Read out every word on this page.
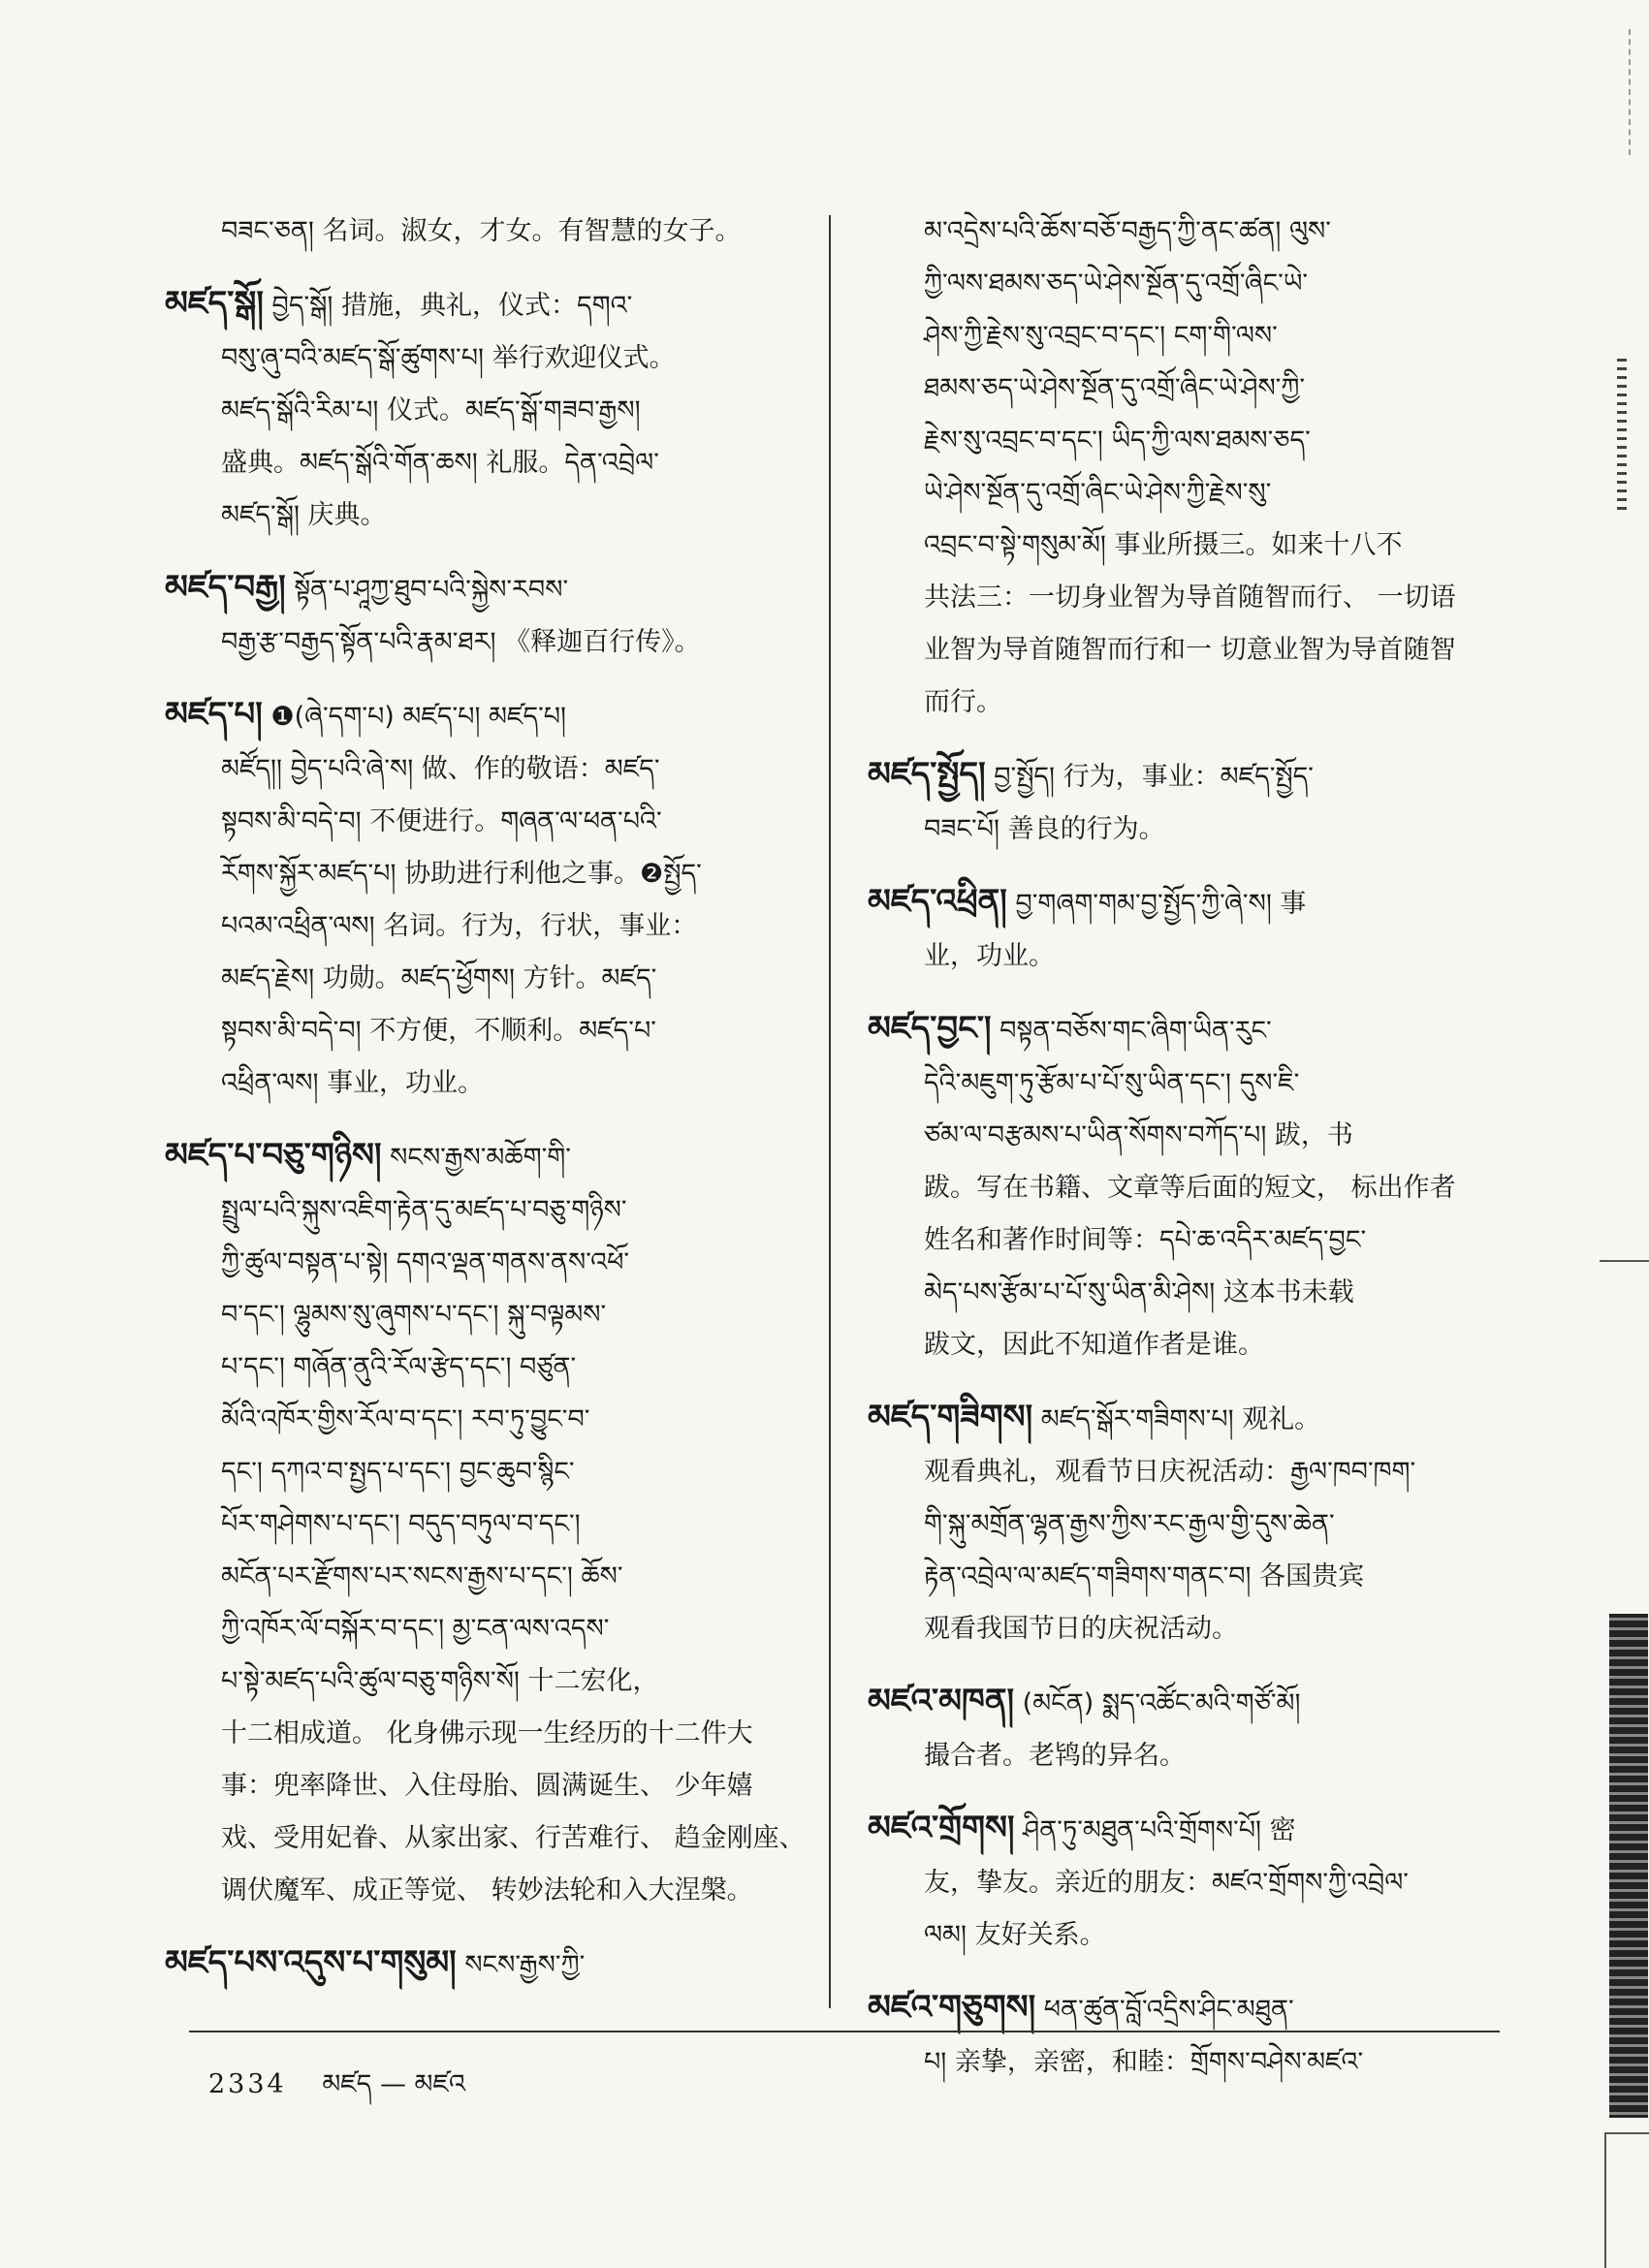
བཟང་ཅན། 名词。淑女，才女。有智慧的女子。
མཛད་སྒོ། བྱེད་སྒོ། 措施，典礼，仪式：དགའ་
བསུ་ཞུ་བའི་མཛད་སྒོ་ཚུགས་པ། 举行欢迎仪式。
མཛད་སྒོའི་རིམ་པ། 仪式。མཛད་སྒོ་གཟབ་རྒྱས།
盛典。མཛད་སྒོའི་གོན་ཆས། 礼服。དེན་འབྲེལ་
མཛད་སྒོ། 庆典。
མཛད་བརྒྱ། སྟོན་པ་ཤཱཀྱ་ཐུབ་པའི་སྐྱེས་རབས་
བརྒྱ་རྩ་བརྒྱད་སྟོན་པའི་རྣམ་ཐར། 《释迦百行传》。
མཛད་པ། ❶(ཞེ་དག་པ) མཛད་པ། མཛད་པ།
མཛོད།། བྱེད་པའི་ཞེ་ས། 做、作的敬语：མཛད་
སྟབས་མི་བདེ་བ། 不便进行。གཞན་ལ་ཕན་པའི་
རོགས་སྐྱོར་མཛད་པ། 协助进行利他之事。❷སྤྱོད་
པའམ་འཕྲིན་ལས། 名词。行为，行状，事业：
མཛད་རྗེས། 功勋。མཛད་ཕྱོགས། 方针。མཛད་
སྟབས་མི་བདེ་བ། 不方便，不顺利。མཛད་པ་
འཕྲིན་ལས། 事业，功业。
མཛད་པ་བཅུ་གཉིས། སངས་རྒྱས་མཆོག་གི་
སྤྲུལ་པའི་སྐུས་འཇིག་རྟེན་དུ་མཛད་པ་བཅུ་གཉིས་
ཀྱི་ཚུལ་བསྟན་པ་སྟེ། དགའ་ལྡན་གནས་ནས་འཕོ་
བ་དང་། ལྷུམས་སུ་ཞུགས་པ་དང་། སྐུ་བལྟམས་
པ་དང་། གཞོན་ནུའི་རོལ་རྩེད་དང་། བཙུན་
མོའི་འཁོར་གྱིས་རོལ་བ་དང་། རབ་ཏུ་བྱུང་བ་
དང་། དཀའ་བ་སྤྱད་པ་དང་། བྱང་ཆུབ་སྙིང་
པོར་གཤེགས་པ་དང་། བདུད་བཏུལ་བ་དང་།
མངོན་པར་རྫོགས་པར་སངས་རྒྱས་པ་དང་། ཆོས་
ཀྱི་འཁོར་ལོ་བསྐོར་བ་དང་། མྱ་ངན་ལས་འདས་
པ་སྟེ་མཛད་པའི་ཚུལ་བཅུ་གཉིས་སོ། 十二宏化，
十二相成道。 化身佛示现一生经历的十二件大
事：兜率降世、入住母胎、圆满诞生、 少年嬉
戏、受用妃眷、从家出家、行苦难行、 趋金刚座、
调伏魔军、成正等觉、 转妙法轮和入大涅槃。
མཛད་པས་འདུས་པ་གསུམ། སངས་རྒྱས་ཀྱི་
མ་འདྲེས་པའི་ཆོས་བཅོ་བརྒྱད་ཀྱི་ནང་ཚན། ལུས་
ཀྱི་ལས་ཐམས་ཅད་ཡེ་ཤེས་སྔོན་དུ་འགྲོ་ཞིང་ཡེ་
ཤེས་ཀྱི་རྗེས་སུ་འབྲང་བ་དང་། ངག་གི་ལས་
ཐམས་ཅད་ཡེ་ཤེས་སྔོན་དུ་འགྲོ་ཞིང་ཡེ་ཤེས་ཀྱི་
རྗེས་སུ་འབྲང་བ་དང་། ཡིད་ཀྱི་ལས་ཐམས་ཅད་
ཡེ་ཤེས་སྔོན་དུ་འགྲོ་ཞིང་ཡེ་ཤེས་ཀྱི་རྗེས་སུ་
འབྲང་བ་སྟེ་གསུམ་མོ། 事业所摄三。如来十八不
共法三：一切身业智为导首随智而行、 一切语
业智为导首随智而行和一 切意业智为导首随智
而行。
མཛད་སྤྱོད། བྱ་སྤྱོད། 行为，事业：མཛད་སྤྱོད་
བཟང་པོ། 善良的行为。
མཛད་འཕྲིན། བྱ་གཞག་གམ་བྱ་སྤྱོད་ཀྱི་ཞེ་ས། 事
业，功业。
མཛད་བྱང་། བསྟན་བཅོས་གང་ཞིག་ཡིན་རུང་
དེའི་མཇུག་ཏུ་རྩོམ་པ་པོ་སུ་ཡིན་དང་། དུས་ཇི་
ཙམ་ལ་བརྩམས་པ་ཡིན་སོགས་བཀོད་པ། 跋，书
跋。写在书籍、文章等后面的短文， 标出作者
姓名和著作时间等：དཔེ་ཆ་འདིར་མཛད་བྱང་
མེད་པས་རྩོམ་པ་པོ་སུ་ཡིན་མི་ཤེས། 这本书未载
跋文，因此不知道作者是谁。
མཛད་གཟིགས། མཛད་སྒོར་གཟིགས་པ། 观礼。
观看典礼，观看节日庆祝活动：རྒྱལ་ཁབ་ཁག་
གི་སྐུ་མགྲོན་ལྷན་རྒྱས་ཀྱིས་རང་རྒྱལ་གྱི་དུས་ཆེན་
རྟེན་འབྲེལ་ལ་མཛད་གཟིགས་གནང་བ། 各国贵宾
观看我国节日的庆祝活动。
མཛའ་མཁན། (མངོན) སྨད་འཚོང་མའི་གཙོ་མོ།
撮合者。老鸨的异名。
མཛའ་གྲོགས། ཤིན་ཏུ་མཐུན་པའི་གྲོགས་པོ། 密
友，挚友。亲近的朋友：མཛའ་གྲོགས་ཀྱི་འབྲེལ་
ལམ། 友好关系。
མཛའ་གཅུགས། ཕན་ཚུན་བློ་འདྲིས་ཤིང་མཐུན་
པ། 亲挚，亲密，和睦：གྲོགས་བཤེས་མཛའ་
2334 མཛད — མཛའ
